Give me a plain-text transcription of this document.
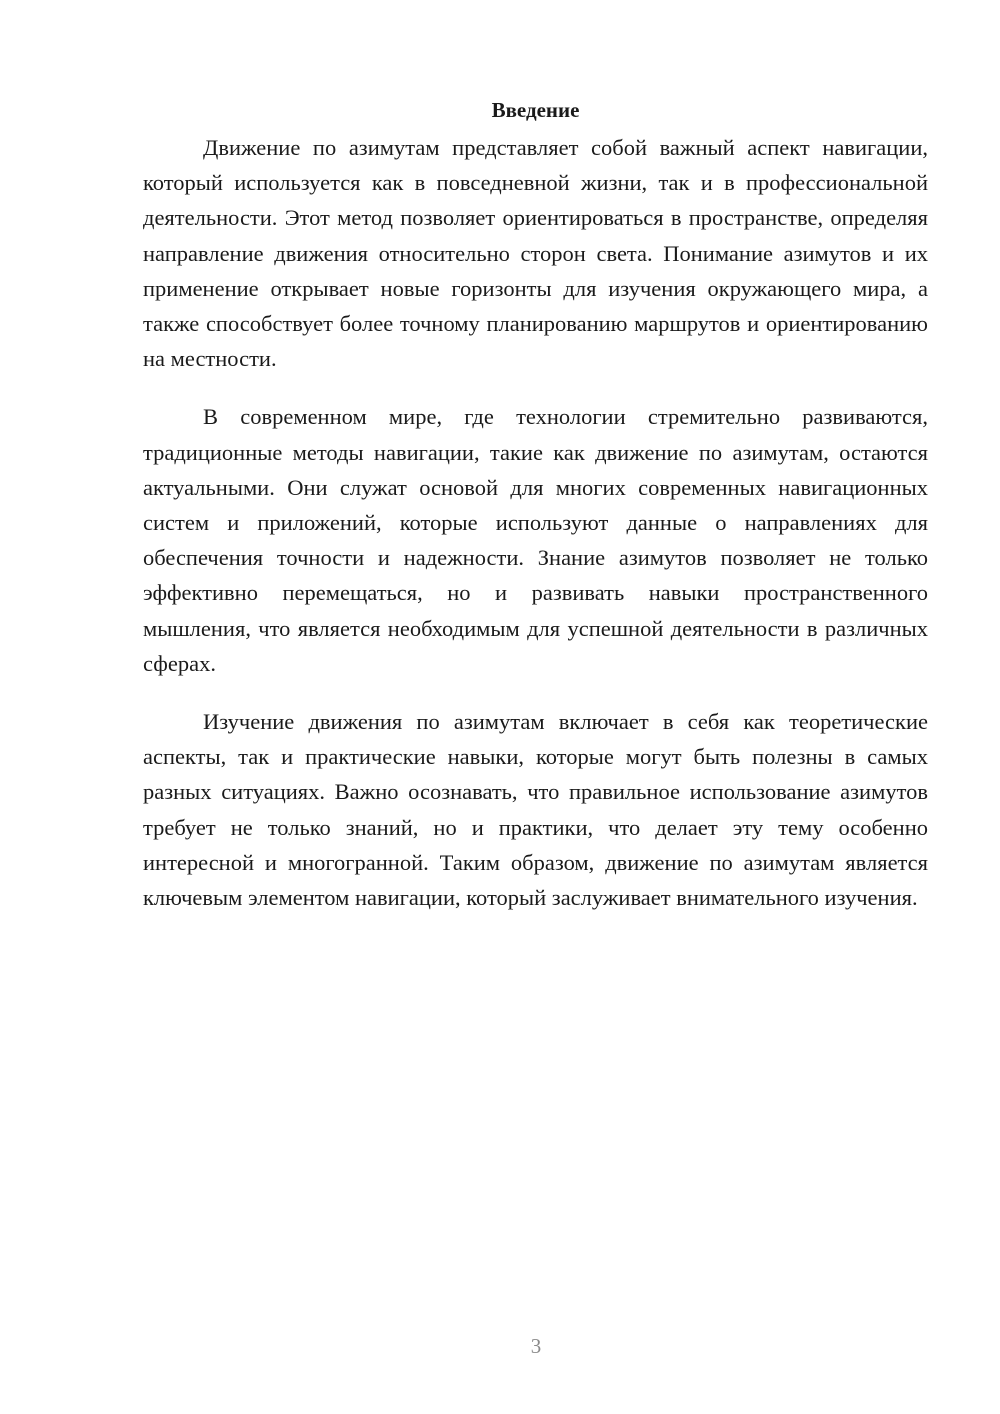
Введение

Движение по азимутам представляет собой важный аспект навигации, который используется как в повседневной жизни, так и в профессиональной деятельности. Этот метод позволяет ориентироваться в пространстве, определяя направление движения относительно сторон света. Понимание азимутов и их применение открывает новые горизонты для изучения окружающего мира, а также способствует более точному планированию маршрутов и ориентированию на местности.

В современном мире, где технологии стремительно развиваются, традиционные методы навигации, такие как движение по азимутам, остаются актуальными. Они служат основой для многих современных навигационных систем и приложений, которые используют данные о направлениях для обеспечения точности и надежности. Знание азимутов позволяет не только эффективно перемещаться, но и развивать навыки пространственного мышления, что является необходимым для успешной деятельности в различных сферах.

Изучение движения по азимутам включает в себя как теоретические аспекты, так и практические навыки, которые могут быть полезны в самых разных ситуациях. Важно осознавать, что правильное использование азимутов требует не только знаний, но и практики, что делает эту тему особенно интересной и многогранной. Таким образом, движение по азимутам является ключевым элементом навигации, который заслуживает внимательного изучения.

3
